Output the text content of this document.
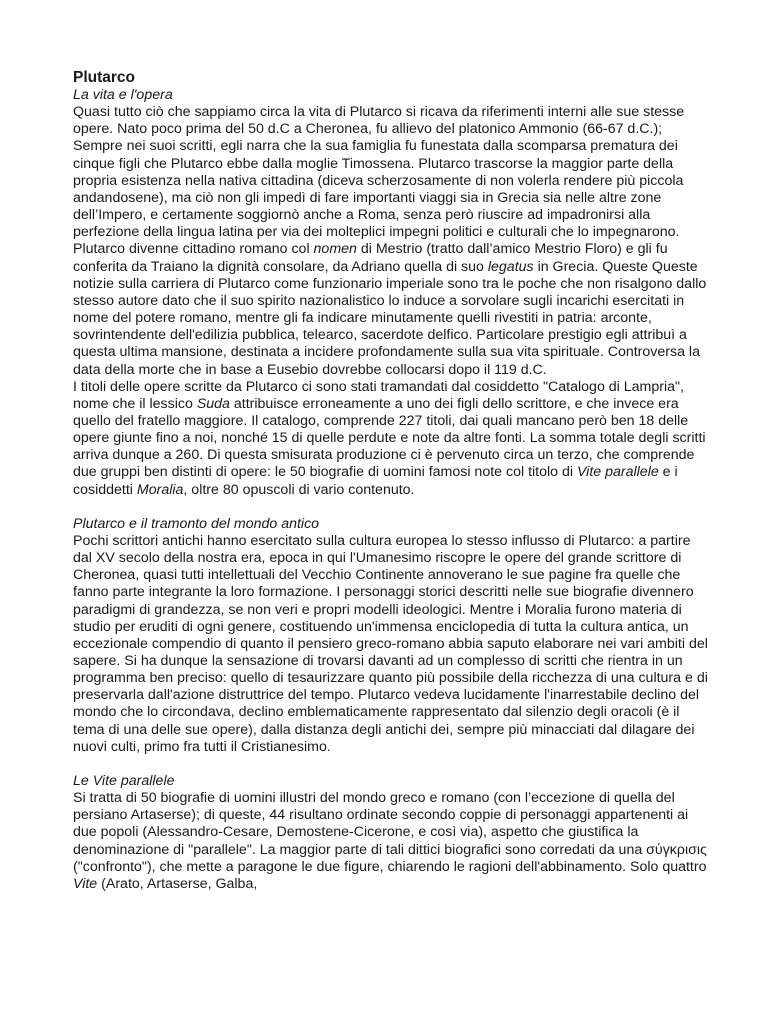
Plutarco

La vita e l'opera

Quasi tutto ciò che sappiamo circa la vita di Plutarco si ricava da riferimenti interni alle sue stesse opere. Nato poco prima del 50 d.C a Cheronea, fu allievo del platonico Ammonio (66-67 d.C.); Sempre nei suoi scritti, egli narra che la sua famiglia fu funestata dalla scomparsa prematura dei cinque figli che Plutarco ebbe dalla moglie Timossena. Plutarco trascorse la maggior parte della propria esistenza nella nativa cittadina (diceva scherzosamente di non volerla rendere più piccola andandosene), ma ciò non gli impedì di fare importanti viaggi sia in Grecia sia nelle altre zone dell’Impero, e certamente soggiornò anche a Roma, senza però riuscire ad impadronirsi alla perfezione della lingua latina per via dei molteplici impegni politici e culturali che lo impegnarono. Plutarco divenne cittadino romano col nomen di Mestrio (tratto dall’amico Mestrio Floro) e gli fu conferita da Traiano la dignità consolare, da Adriano quella di suo legatus in Grecia. Queste Queste notizie sulla carriera di Plutarco come funzionario imperiale sono tra le poche che non risalgono dallo stesso autore dato che il suo spirito nazionalistico lo induce a sorvolare sugli incarichi esercitati in nome del potere romano, mentre gli fa indicare minutamente quelli rivestiti in patria: arconte, sovrintendente dell'edilizia pubblica, telearco, sacerdote delfico. Particolare prestigio egli attribuì a questa ultima mansione, destinata a incidere profondamente sulla sua vita spirituale. Controversa la data della morte che in base a Eusebio dovrebbe collocarsi dopo il 119 d.C.

I titoli delle opere scritte da Plutarco ci sono stati tramandati dal cosiddetto "Catalogo di Lampria", nome che il lessico Suda attribuisce erroneamente a uno dei figli dello scrittore, e che invece era quello del fratello maggiore. Il catalogo, comprende 227 titoli, dai quali mancano però ben 18 delle opere giunte fino a noi, nonché 15 di quelle perdute e note da altre fonti. La somma totale degli scritti arriva dunque a 260. Di questa smisurata produzione ci è pervenuto circa un terzo, che comprende due gruppi ben distinti di opere: le 50 biografie di uomini famosi note col titolo di Vite parallele e i cosiddetti Moralia, oltre 80 opuscoli di vario contenuto.

Plutarco e il tramonto del mondo antico

Pochi scrittori antichi hanno esercitato sulla cultura europea lo stesso influsso di Plutarco: a partire dal XV secolo della nostra era, epoca in qui l'Umanesimo riscopre le opere del grande scrittore di Cheronea, quasi tutti intellettuali del Vecchio Continente annoverano le sue pagine fra quelle che fanno parte integrante la loro formazione. I personaggi storici descritti nelle sue biografie divennero paradigmi di grandezza, se non veri e propri modelli ideologici. Mentre i Moralia furono materia di studio per eruditi di ogni genere, costituendo un'immensa enciclopedia di tutta la cultura antica, un eccezionale compendio di quanto il pensiero greco-romano abbia saputo elaborare nei vari ambiti del sapere. Si ha dunque la sensazione di trovarsi davanti ad un complesso di scritti che rientra in un programma ben preciso: quello di tesaurizzare quanto più possibile della ricchezza di una cultura e di preservarla dall'azione distruttrice del tempo. Plutarco vedeva lucidamente l'inarrestabile declino del mondo che lo circondava, declino emblematicamente rappresentato dal silenzio degli oracoli (è il tema di una delle sue opere), dalla distanza degli antichi dei, sempre più minacciati dal dilagare dei nuovi culti, primo fra tutti il Cristianesimo.

Le Vite parallele

Si tratta di 50 biografie di uomini illustri del mondo greco e romano (con l’eccezione di quella del persiano Artaserse); di queste, 44 risultano ordinate secondo coppie di personaggi appartenenti ai due popoli (Alessandro-Cesare, Demostene-Cicerone, e così via), aspetto che giustifica la denominazione di "parallele". La maggior parte di tali dittici biografici sono corredati da una σύγκρισις ("confronto"), che mette a paragone le due figure, chiarendo le ragioni dell'abbinamento. Solo quattro Vite (Arato, Artaserse, Galba,
